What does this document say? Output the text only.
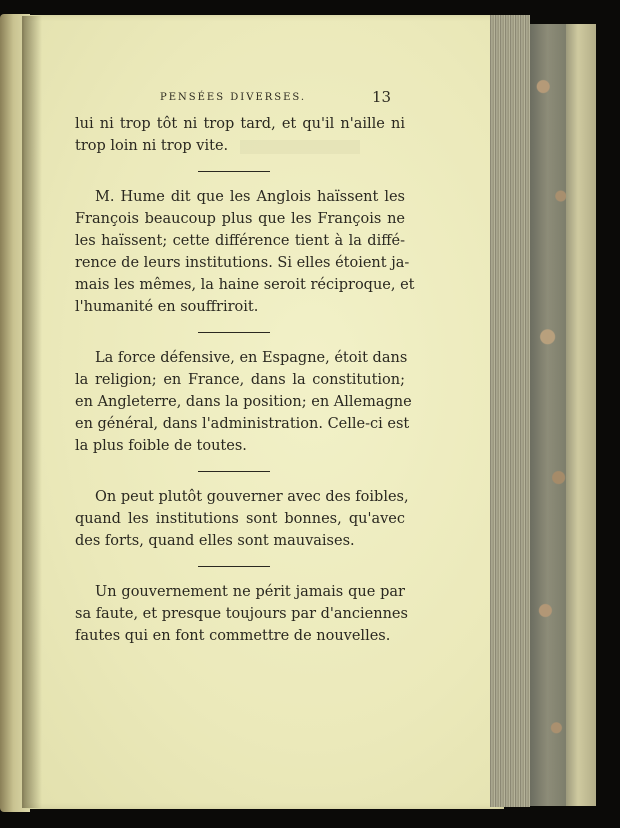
PENSÉES DIVERSES.	13

lui ni trop tôt ni trop tard, et qu'il n'aille ni
trop loin ni trop vite.

M. Hume dit que les Anglois haïssent les
François beaucoup plus que les François ne
les haïssent; cette différence tient à la diffé-
rence de leurs institutions. Si elles étoient ja-
mais les mêmes, la haine seroit réciproque, et
l'humanité en souffriroit.

La force défensive, en Espagne, étoit dans
la religion; en France, dans la constitution;
en Angleterre, dans la position; en Allemagne
en général, dans l'administration. Celle-ci est
la plus foible de toutes.

On peut plutôt gouverner avec des foibles,
quand les institutions sont bonnes, qu'avec
des forts, quand elles sont mauvaises.

Un gouvernement ne périt jamais que par
sa faute, et presque toujours par d'anciennes
fautes qui en font commettre de nouvelles.
